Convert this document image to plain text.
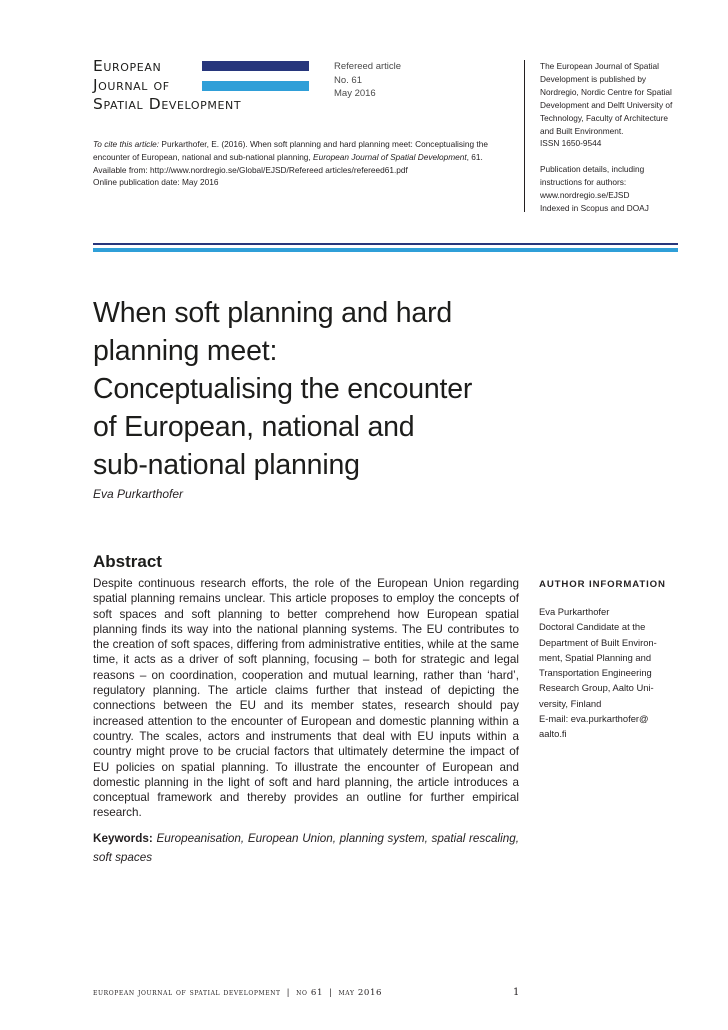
European
Journal of
Spatial Development

Refereed article

No. 61

May 2016

The European Journal of Spatial

Development is published by

Nordregio, Nordic Centre for Spatial

Development and Delft University of

Technology, Faculty of Architecture

and Built Environment.

ISSN 1650-9544

Publication details, including

instructions for authors:

www.nordregio.se/EJSD

Indexed in Scopus and DOAJ

To cite this article: Purkarthofer, E. (2016). When soft planning and hard planning meet: Conceptualising the

encounter of European, national and sub-national planning, European Journal of Spatial Development, 61.

Available from: http://www.nordregio.se/Global/EJSD/Refereed articles/refereed61.pdf

Online publication date: May 2016

When soft planning and hard

planning meet:

Conceptualising the encounter

of European, national and

sub-national planning

Eva Purkarthofer
Abstract

Despite continuous research efforts, the role of the European Union regarding spatial planning remains unclear. This article proposes to employ the concepts of soft spaces and soft planning to better comprehend how European spatial planning finds its way into the national planning systems. The EU contributes to the creation of soft spaces, differing from administrative entities, while at the same time, it acts as a driver of soft planning, focusing – both for strategic and legal reasons – on coordination, cooperation and mutual learning, rather than ‘hard’, regulatory planning. The article claims further that instead of depicting the connections between the EU and its member states, research should pay increased attention to the encounter of European and domestic planning within a country. The scales, actors and instruments that deal with EU inputs within a country might prove to be crucial factors that ultimately determine the impact of EU policies on spatial planning. To illustrate the encounter of European and domestic planning in the light of soft and hard planning, the article introduces a conceptual framework and thereby provides an outline for further empirical research.

Keywords: Europeanisation, European Union, planning system, spatial rescaling, soft spaces

AUTHOR INFORMATION

Eva Purkarthofer

Doctoral Candidate at the

Department of Built Environ-

ment, Spatial Planning and

Transportation Engineering

Research Group, Aalto Uni-

versity, Finland

E-mail: eva.purkarthofer@

aalto.fi

european journal of spatial development | no 61 | may 2016	1
